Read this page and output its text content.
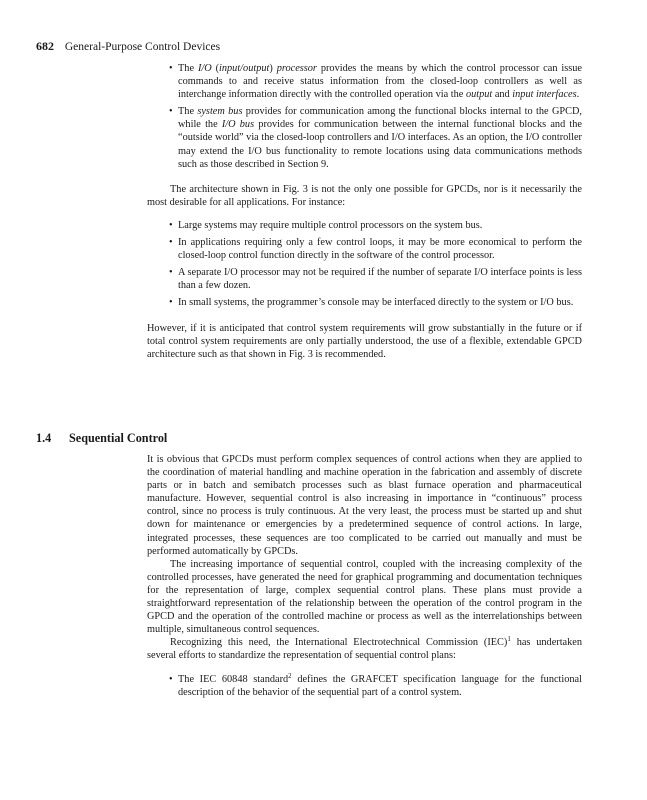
682 General-Purpose Control Devices
• The I/O (input/output) processor provides the means by which the control processor can issue commands to and receive status information from the closed-loop controllers as well as interchange information directly with the controlled operation via the output and input interfaces.
• The system bus provides for communication among the functional blocks internal to the GPCD, while the I/O bus provides for communication between the internal functional blocks and the “outside world” via the closed-loop controllers and I/O interfaces. As an option, the I/O controller may extend the I/O bus functionality to remote locations using data communications methods such as those described in Section 9.

The architecture shown in Fig. 3 is not the only one possible for GPCDs, nor is it necessarily the most desirable for all applications. For instance:

• Large systems may require multiple control processors on the system bus.
• In applications requiring only a few control loops, it may be more economical to perform the closed-loop control function directly in the software of the control processor.
• A separate I/O processor may not be required if the number of separate I/O interface points is less than a few dozen.
• In small systems, the programmer’s console may be interfaced directly to the system or I/O bus.

However, if it is anticipated that control system requirements will grow substantially in the future or if total control system requirements are only partially understood, the use of a flexible, extendable GPCD architecture such as that shown in Fig. 3 is recommended.

1.4 Sequential Control

It is obvious that GPCDs must perform complex sequences of control actions when they are applied to the coordination of material handling and machine operation in the fabrication and assembly of discrete parts or in batch and semibatch processes such as blast furnace operation and pharmaceutical manufacture. However, sequential control is also increasing in importance in “continuous” process control, since no process is truly continuous. At the very least, the process must be started up and shut down for maintenance or emergencies by a predetermined sequence of control actions. In large, integrated processes, these sequences are too complicated to be carried out manually and must be performed automatically by GPCDs.

The increasing importance of sequential control, coupled with the increasing complexity of the controlled processes, have generated the need for graphical programming and documentation techniques for the representation of large, complex sequential control plans. These plans must provide a straightforward representation of the relationship between the operation of the control program in the GPCD and the operation of the controlled machine or process as well as the interrelationships between multiple, simultaneous control sequences.

Recognizing this need, the International Electrotechnical Commission (IEC)$^1$ has undertaken several efforts to standardize the representation of sequential control plans:

• The IEC 60848 standard$^2$ defines the GRAFCET specification language for the functional description of the behavior of the sequential part of a control system.
